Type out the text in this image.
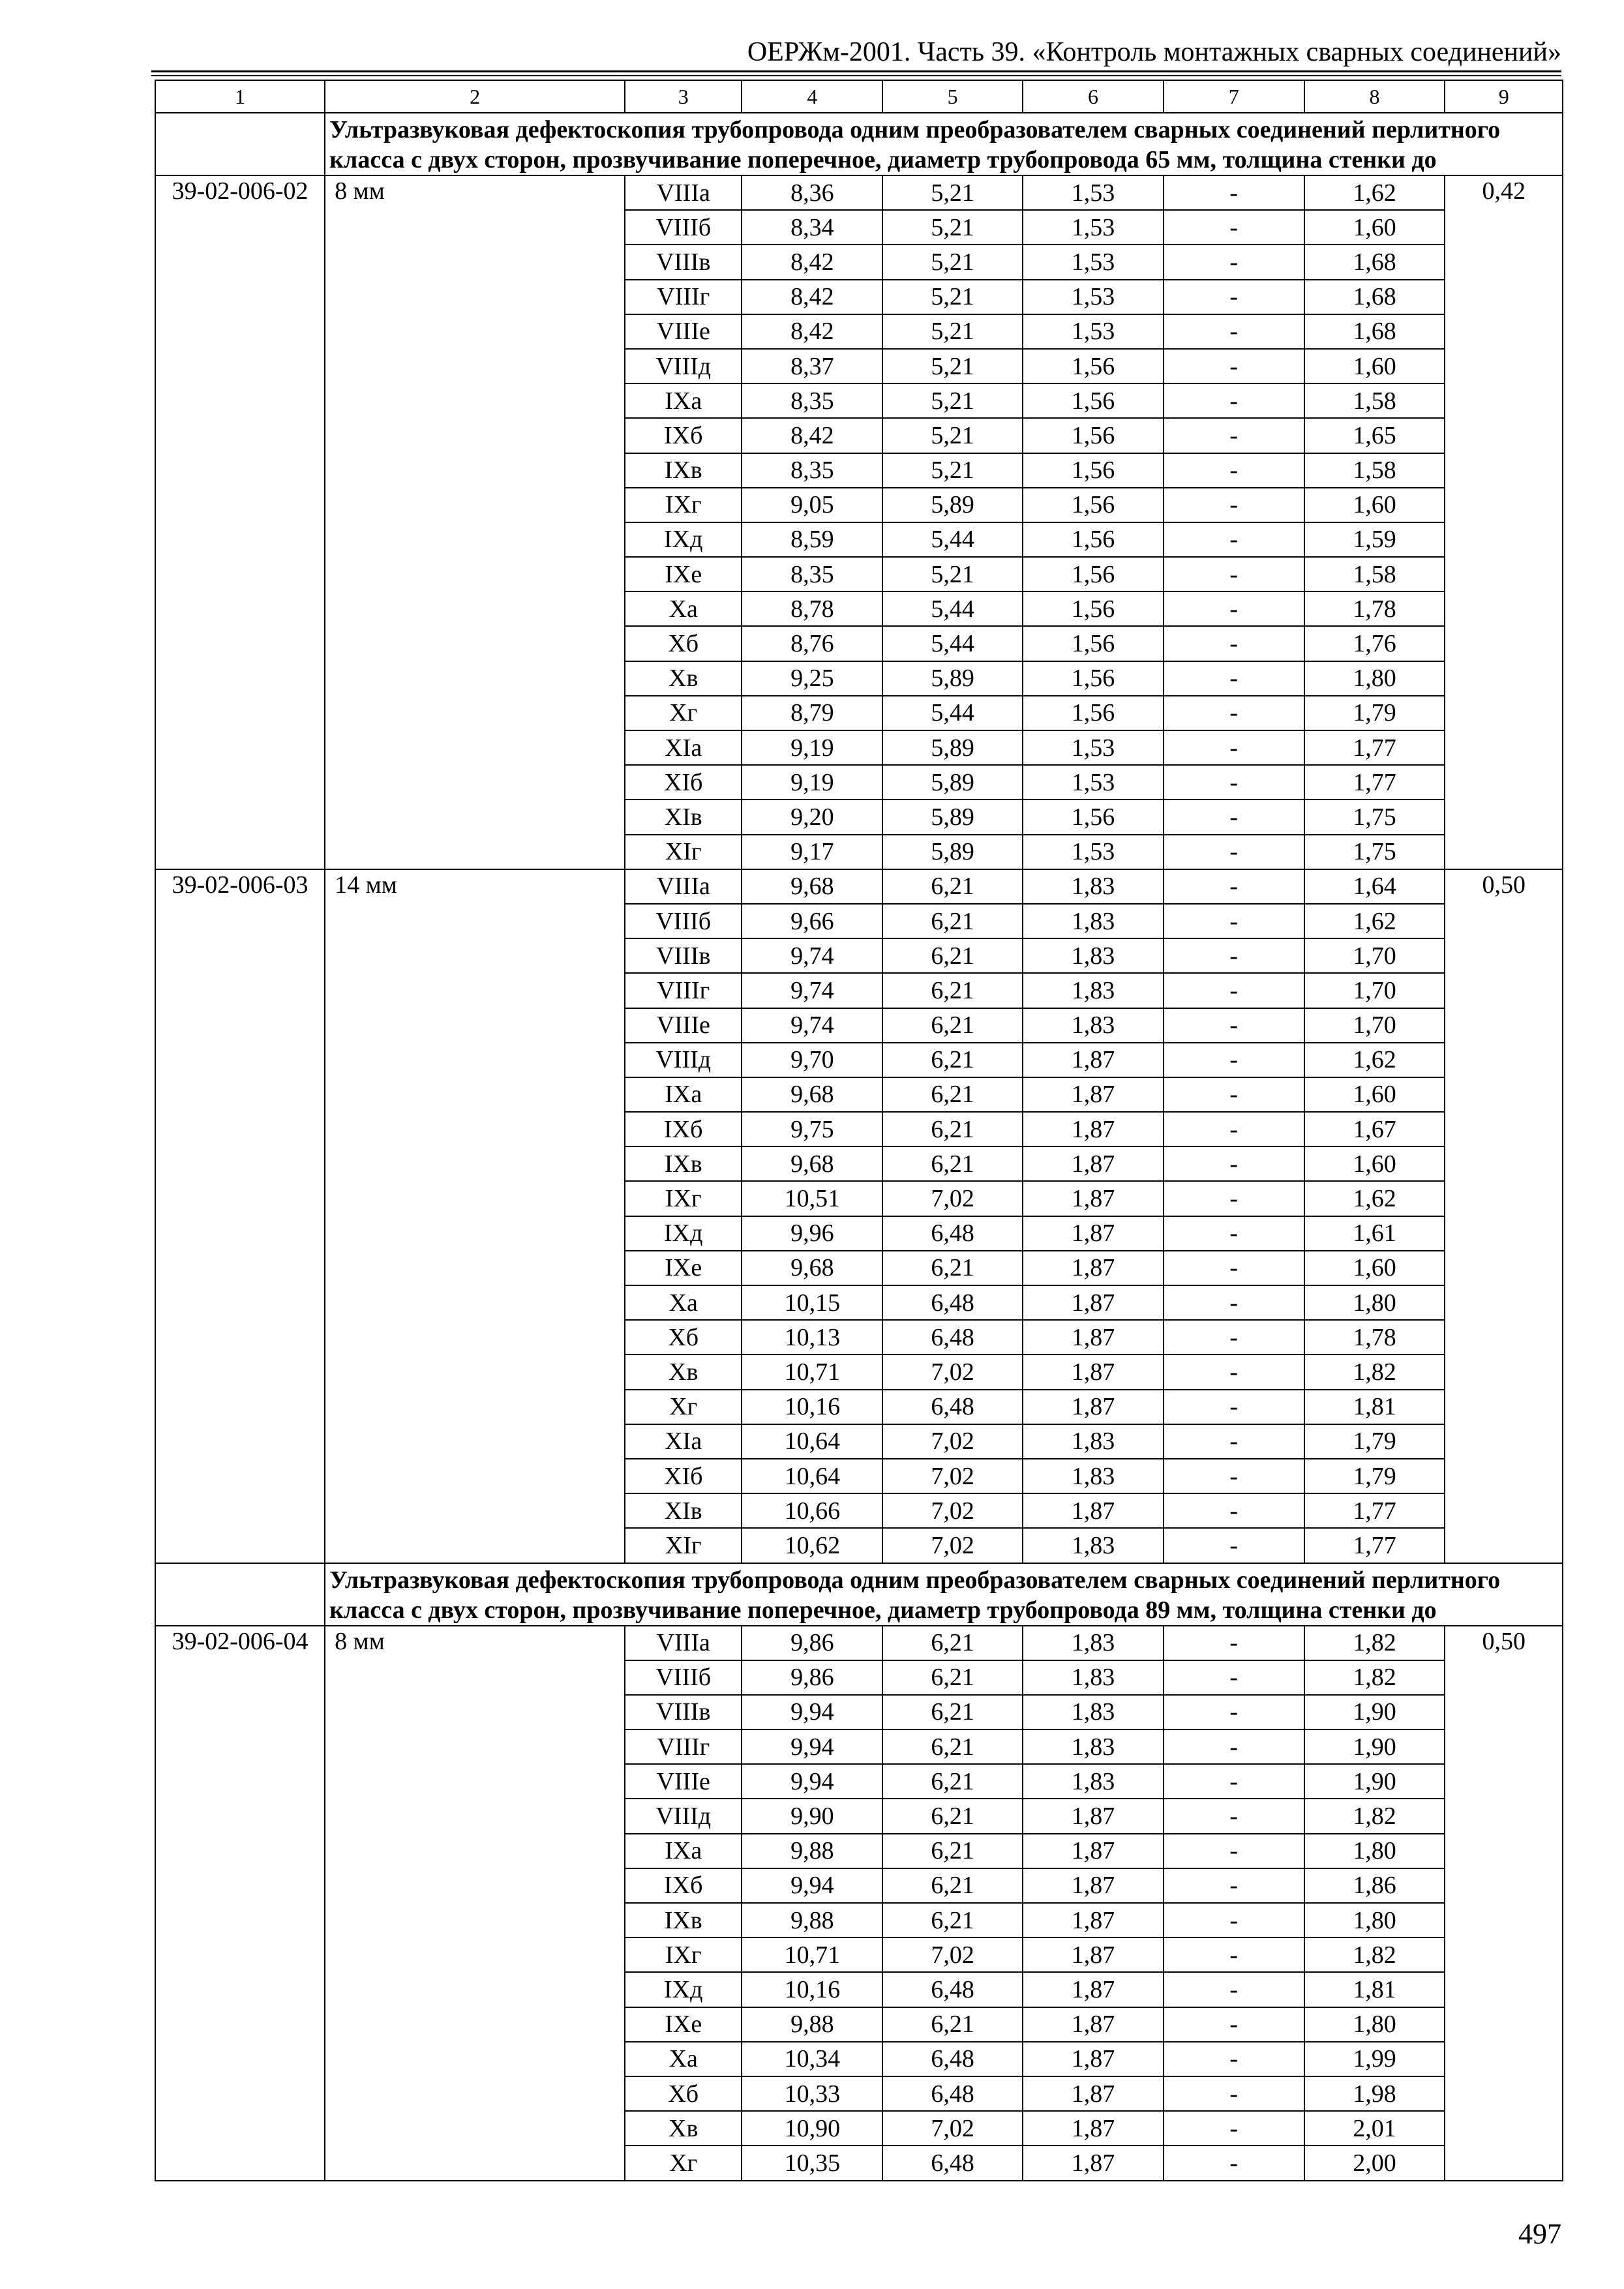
ОЕРЖм-2001. Часть 39. «Контроль монтажных сварных соединений»
1	2	3	4	5	6	7	8	9
	Ультразвуковая дефектоскопия трубопровода одним преобразователем сварных соединений перлитного класса с двух сторон, прозвучивание поперечное, диаметр трубопровода 65 мм, толщина стенки до							
39-02-006-02	8 мм	VIIIа	8,36	5,21	1,53	-	1,62	0,42
		VIIIб	8,34	5,21	1,53	-	1,60	
		VIIIв	8,42	5,21	1,53	-	1,68	
		VIIIг	8,42	5,21	1,53	-	1,68	
		VIIIе	8,42	5,21	1,53	-	1,68	
		VIIIд	8,37	5,21	1,56	-	1,60	
		IXа	8,35	5,21	1,56	-	1,58	
		IXб	8,42	5,21	1,56	-	1,65	
		IXв	8,35	5,21	1,56	-	1,58	
		IXг	9,05	5,89	1,56	-	1,60	
		IXд	8,59	5,44	1,56	-	1,59	
		IXе	8,35	5,21	1,56	-	1,58	
		Xа	8,78	5,44	1,56	-	1,78	
		Xб	8,76	5,44	1,56	-	1,76	
		Xв	9,25	5,89	1,56	-	1,80	
		Xг	8,79	5,44	1,56	-	1,79	
		XIа	9,19	5,89	1,53	-	1,77	
		XIб	9,19	5,89	1,53	-	1,77	
		XIв	9,20	5,89	1,56	-	1,75	
		XIг	9,17	5,89	1,53	-	1,75	
39-02-006-03	14 мм	VIIIа	9,68	6,21	1,83	-	1,64	0,50
		VIIIб	9,66	6,21	1,83	-	1,62	
		VIIIв	9,74	6,21	1,83	-	1,70	
		VIIIг	9,74	6,21	1,83	-	1,70	
		VIIIе	9,74	6,21	1,83	-	1,70	
		VIIIд	9,70	6,21	1,87	-	1,62	
		IXа	9,68	6,21	1,87	-	1,60	
		IXб	9,75	6,21	1,87	-	1,67	
		IXв	9,68	6,21	1,87	-	1,60	
		IXг	10,51	7,02	1,87	-	1,62	
		IXд	9,96	6,48	1,87	-	1,61	
		IXе	9,68	6,21	1,87	-	1,60	
		Xа	10,15	6,48	1,87	-	1,80	
		Xб	10,13	6,48	1,87	-	1,78	
		Xв	10,71	7,02	1,87	-	1,82	
		Xг	10,16	6,48	1,87	-	1,81	
		XIа	10,64	7,02	1,83	-	1,79	
		XIб	10,64	7,02	1,83	-	1,79	
		XIв	10,66	7,02	1,87	-	1,77	
		XIг	10,62	7,02	1,83	-	1,77	
	Ультразвуковая дефектоскопия трубопровода одним преобразователем сварных соединений перлитного класса с двух сторон, прозвучивание поперечное, диаметр трубопровода 89 мм, толщина стенки до							
39-02-006-04	8 мм	VIIIа	9,86	6,21	1,83	-	1,82	0,50
		VIIIб	9,86	6,21	1,83	-	1,82	
		VIIIв	9,94	6,21	1,83	-	1,90	
		VIIIг	9,94	6,21	1,83	-	1,90	
		VIIIе	9,94	6,21	1,83	-	1,90	
		VIIIд	9,90	6,21	1,87	-	1,82	
		IXа	9,88	6,21	1,87	-	1,80	
		IXб	9,94	6,21	1,87	-	1,86	
		IXв	9,88	6,21	1,87	-	1,80	
		IXг	10,71	7,02	1,87	-	1,82	
		IXд	10,16	6,48	1,87	-	1,81	
		IXе	9,88	6,21	1,87	-	1,80	
		Xа	10,34	6,48	1,87	-	1,99	
		Xб	10,33	6,48	1,87	-	1,98	
		Xв	10,90	7,02	1,87	-	2,01	
		Xг	10,35	6,48	1,87	-	2,00	
497
